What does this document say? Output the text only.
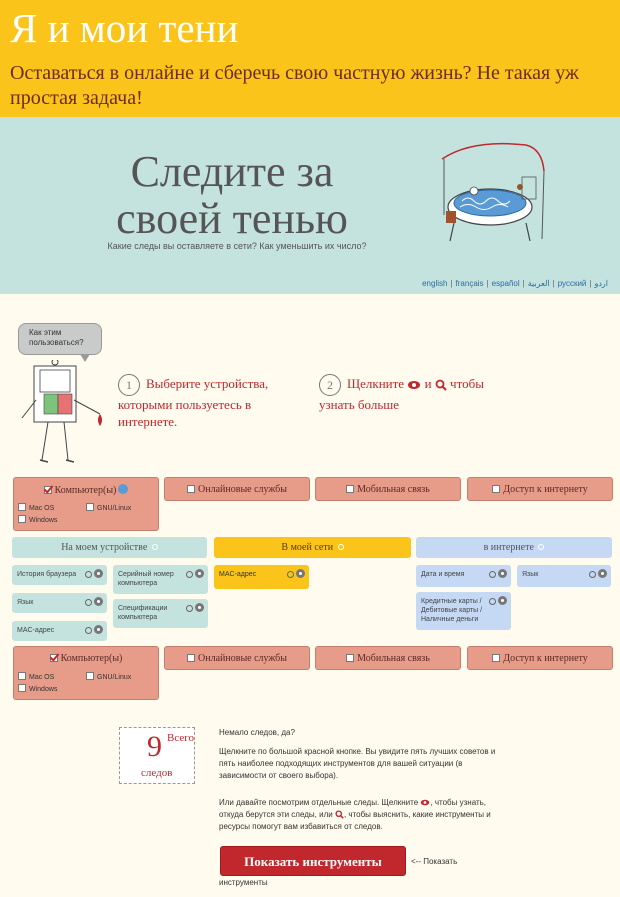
Я и мои тени
Оставаться в онлайне и сберечь свою частную жизнь? Не такая уж простая задача!
Следите за
своей тенью
Какие следы вы оставляете в сети? Как уменьшить их число?
english | français | español | العربية | русский | اردو
Как этим
пользоваться?
1 Выберите устройства,
которыми пользуетесь в
интернете.
2 Щелкните и чтобы
узнать больше
Компьютер(ы)
Mac OS	GNU/Linux
Windows
Онлайновые службы	Мобильная связь	Доступ к интернету
На моем устройстве	В моей сети	в интернете
История браузера
Язык
MAC-адрес
Серийный номер
компьютера
Спецификации
компьютера
MAC-адрес	Дата и время
Кредитные карты /
Дебитовые карты /
Наличные деньги
Язык
Компьютер(ы)
Mac OS	GNU/Linux
Windows
Онлайновые службы	Мобильная связь	Доступ к интернету
9 Всего
следов
Немало следов, да?
Щелкните по большой красной кнопке. Вы увидите пять лучших советов и пять наиболее подходящих инструментов для вашей ситуации (в зависимости от своего выбора).
Или давайте посмотрим отдельные следы. Щелкните , чтобы узнать, откуда берутся эти следы, или , чтобы выяснить, какие инструменты и ресурсы помогут вам избавиться от следов.
Показать инструменты	<-- Показать
инструменты
